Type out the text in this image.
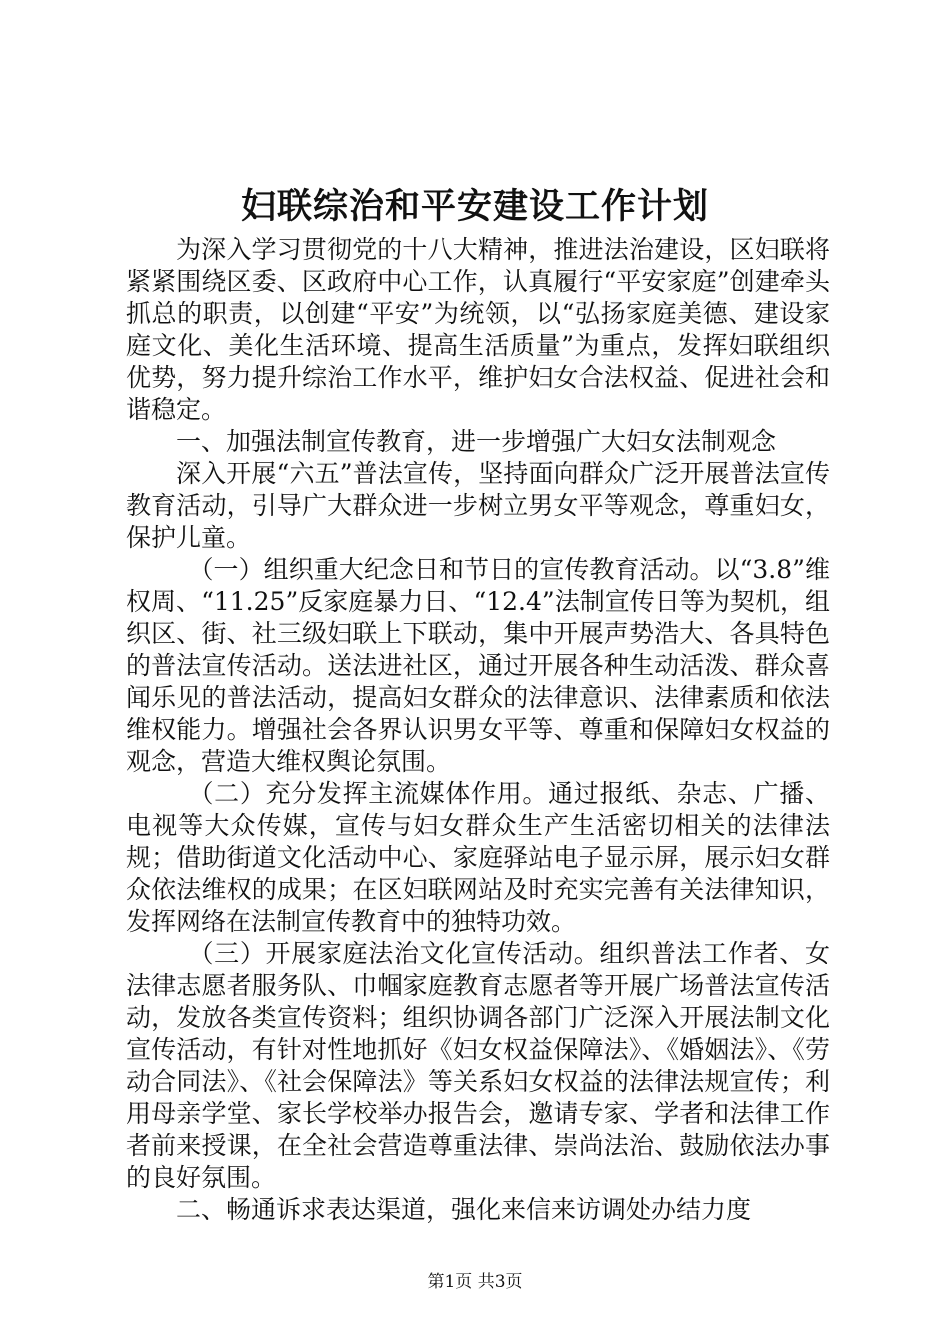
妇联综治和平安建设工作计划

为深入学习贯彻党的十八大精神，推进法治建设，区妇联将紧紧围绕区委、区政府中心工作，认真履行“平安家庭”创建牵头抓总的职责，以创建“平安”为统领，以“弘扬家庭美德、建设家庭文化、美化生活环境、提高生活质量”为重点，发挥妇联组织优势，努力提升综治工作水平，维护妇女合法权益、促进社会和谐稳定。

一、加强法制宣传教育，进一步增强广大妇女法制观念

深入开展“六五”普法宣传，坚持面向群众广泛开展普法宣传教育活动，引导广大群众进一步树立男女平等观念，尊重妇女，保护儿童。

（一）组织重大纪念日和节日的宣传教育活动。以“3.8”维权周、“11.25”反家庭暴力日、“12.4”法制宣传日等为契机，组织区、街、社三级妇联上下联动，集中开展声势浩大、各具特色的普法宣传活动。送法进社区，通过开展各种生动活泼、群众喜闻乐见的普法活动，提高妇女群众的法律意识、法律素质和依法维权能力。增强社会各界认识男女平等、尊重和保障妇女权益的观念，营造大维权舆论氛围。

（二）充分发挥主流媒体作用。通过报纸、杂志、广播、电视等大众传媒，宣传与妇女群众生产生活密切相关的法律法规；借助街道文化活动中心、家庭驿站电子显示屏，展示妇女群众依法维权的成果；在区妇联网站及时充实完善有关法律知识，发挥网络在法制宣传教育中的独特功效。

（三）开展家庭法治文化宣传活动。组织普法工作者、女法律志愿者服务队、巾帼家庭教育志愿者等开展广场普法宣传活动，发放各类宣传资料；组织协调各部门广泛深入开展法制文化宣传活动，有针对性地抓好《妇女权益保障法》、《婚姻法》、《劳动合同法》、《社会保障法》等关系妇女权益的法律法规宣传；利用母亲学堂、家长学校举办报告会，邀请专家、学者和法律工作者前来授课，在全社会营造尊重法律、崇尚法治、鼓励依法办事的良好氛围。

二、畅通诉求表达渠道，强化来信来访调处办结力度

第1页 共3页
